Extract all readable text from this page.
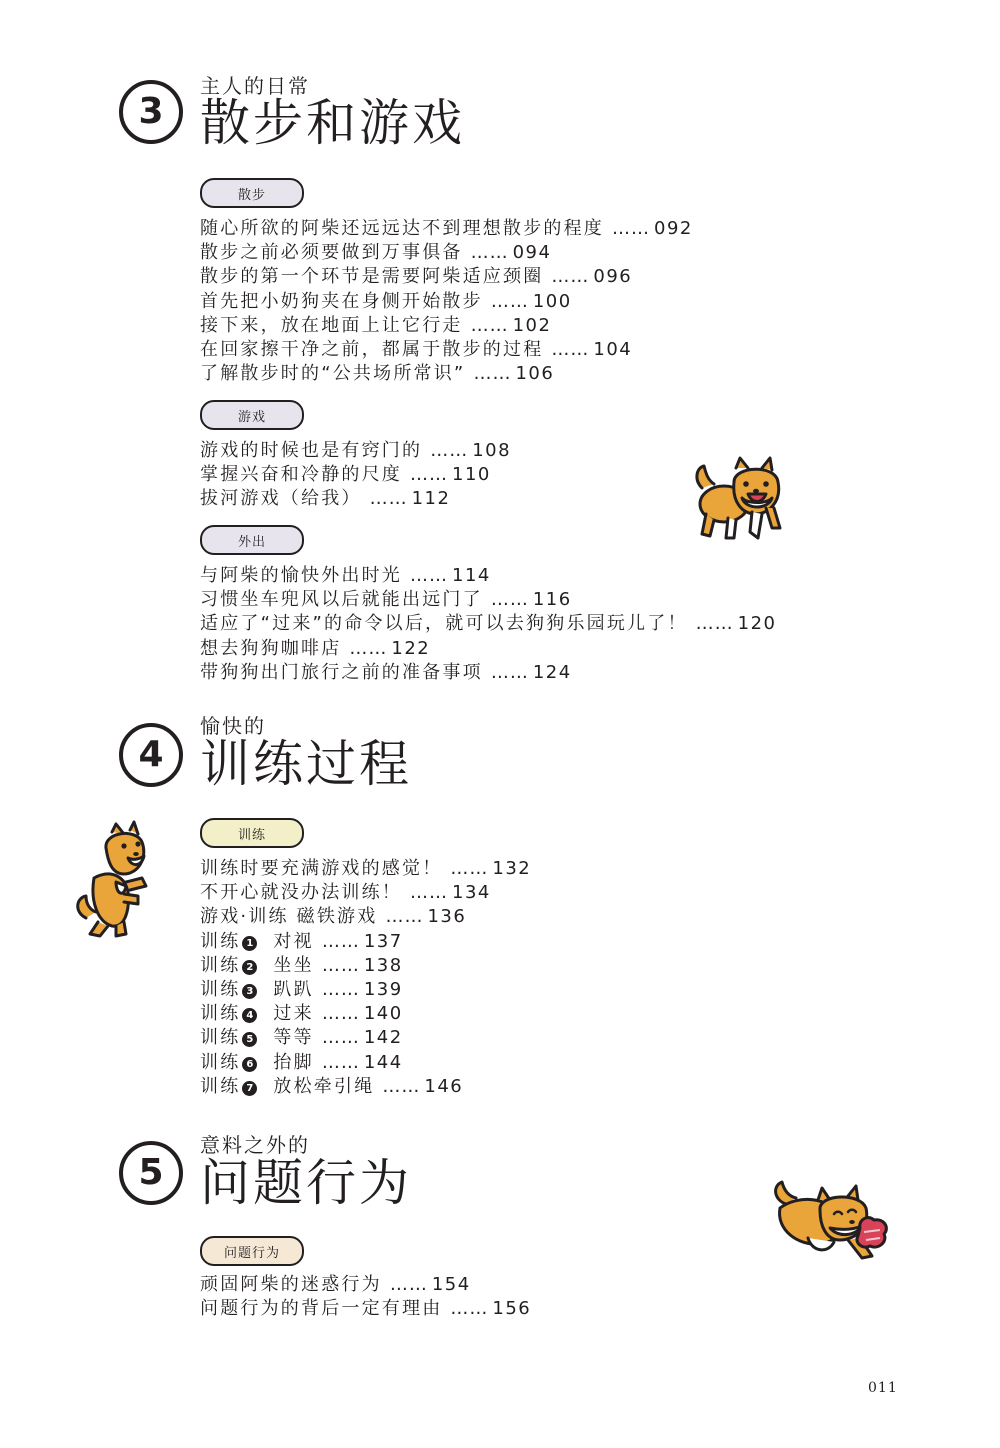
3
主人的日常
散步和游戏
散步
随心所欲的阿柴还远远达不到理想散步的程度 …… 092
散步之前必须要做到万事俱备 …… 094
散步的第一个环节是需要阿柴适应颈圈 …… 096
首先把小奶狗夹在身侧开始散步 …… 100
接下来，放在地面上让它行走 …… 102
在回家擦干净之前，都属于散步的过程 …… 104
了解散步时的“公共场所常识” …… 106
游戏
游戏的时候也是有窍门的 …… 108
掌握兴奋和冷静的尺度 …… 110
拔河游戏（给我） …… 112
外出
与阿柴的愉快外出时光 …… 114
习惯坐车兜风以后就能出远门了 …… 116
适应了“过来”的命令以后，就可以去狗狗乐园玩儿了！ …… 120
想去狗狗咖啡店 …… 122
带狗狗出门旅行之前的准备事项 …… 124
4
愉快的
训练过程
训练
训练时要充满游戏的感觉！ …… 132
不开心就没办法训练！ …… 134
游戏·训练 磁铁游戏 …… 136
训练 1 对视 …… 137
训练 2 坐坐 …… 138
训练 3 趴趴 …… 139
训练 4 过来 …… 140
训练 5 等等 …… 142
训练 6 抬脚 …… 144
训练 7 放松牵引绳 …… 146
5
意料之外的
问题行为
问题行为
顽固阿柴的迷惑行为 …… 154
问题行为的背后一定有理由 …… 156
011
